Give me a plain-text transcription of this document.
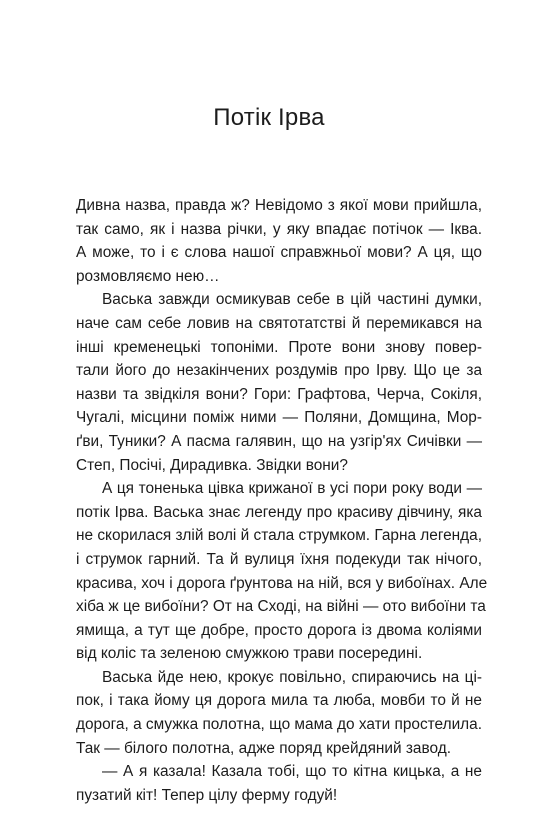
Потік Ірва
Дивна назва, правда ж? Невідомо з якої мови прийшла,
так само, як і назва річки, у яку впадає потічок — Іква.
А може, то і є слова нашої справжньої мови? А ця, що
розмовляємо нею…
Васька завжди осмикував себе в цій частині думки,
наче сам себе ловив на святотатстві й перемикався на
інші кременецькі топоніми. Проте вони знову повер-
тали його до незакінчених роздумів про Ірву. Що це за
назви та звідкіля вони? Гори: Графтова, Черча, Сокіля,
Чугалі, місцини поміж ними — Поляни, Домщина, Мор-
ґви, Туники? А пасма галявин, що на узгір'ях Сичівки —
Степ, Посічі, Дирадивка. Звідки вони?
А ця тоненька цівка крижаної в усі пори року води —
потік Ірва. Васька знає легенду про красиву дівчину, яка
не скорилася злій волі й стала струмком. Гарна легенда,
і струмок гарний. Та й вулиця їхня подекуди так нічого,
красива, хоч і дорога ґрунтова на ній, вся у вибоїнах. Але
хіба ж це вибоїни? От на Сході, на війні — ото вибоїни та
ямища, а тут ще добре, просто дорога із двома коліями
від коліс та зеленою смужкою трави посередині.
Васька йде нею, крокує повільно, спираючись на ці-
пок, і така йому ця дорога мила та люба, мовби то й не
дорога, а смужка полотна, що мама до хати простелила.
Так — білого полотна, адже поряд крейдяний завод.
— А я казала! Казала тобі, що то кітна кицька, а не
пузатий кіт! Тепер цілу ферму годуй!
